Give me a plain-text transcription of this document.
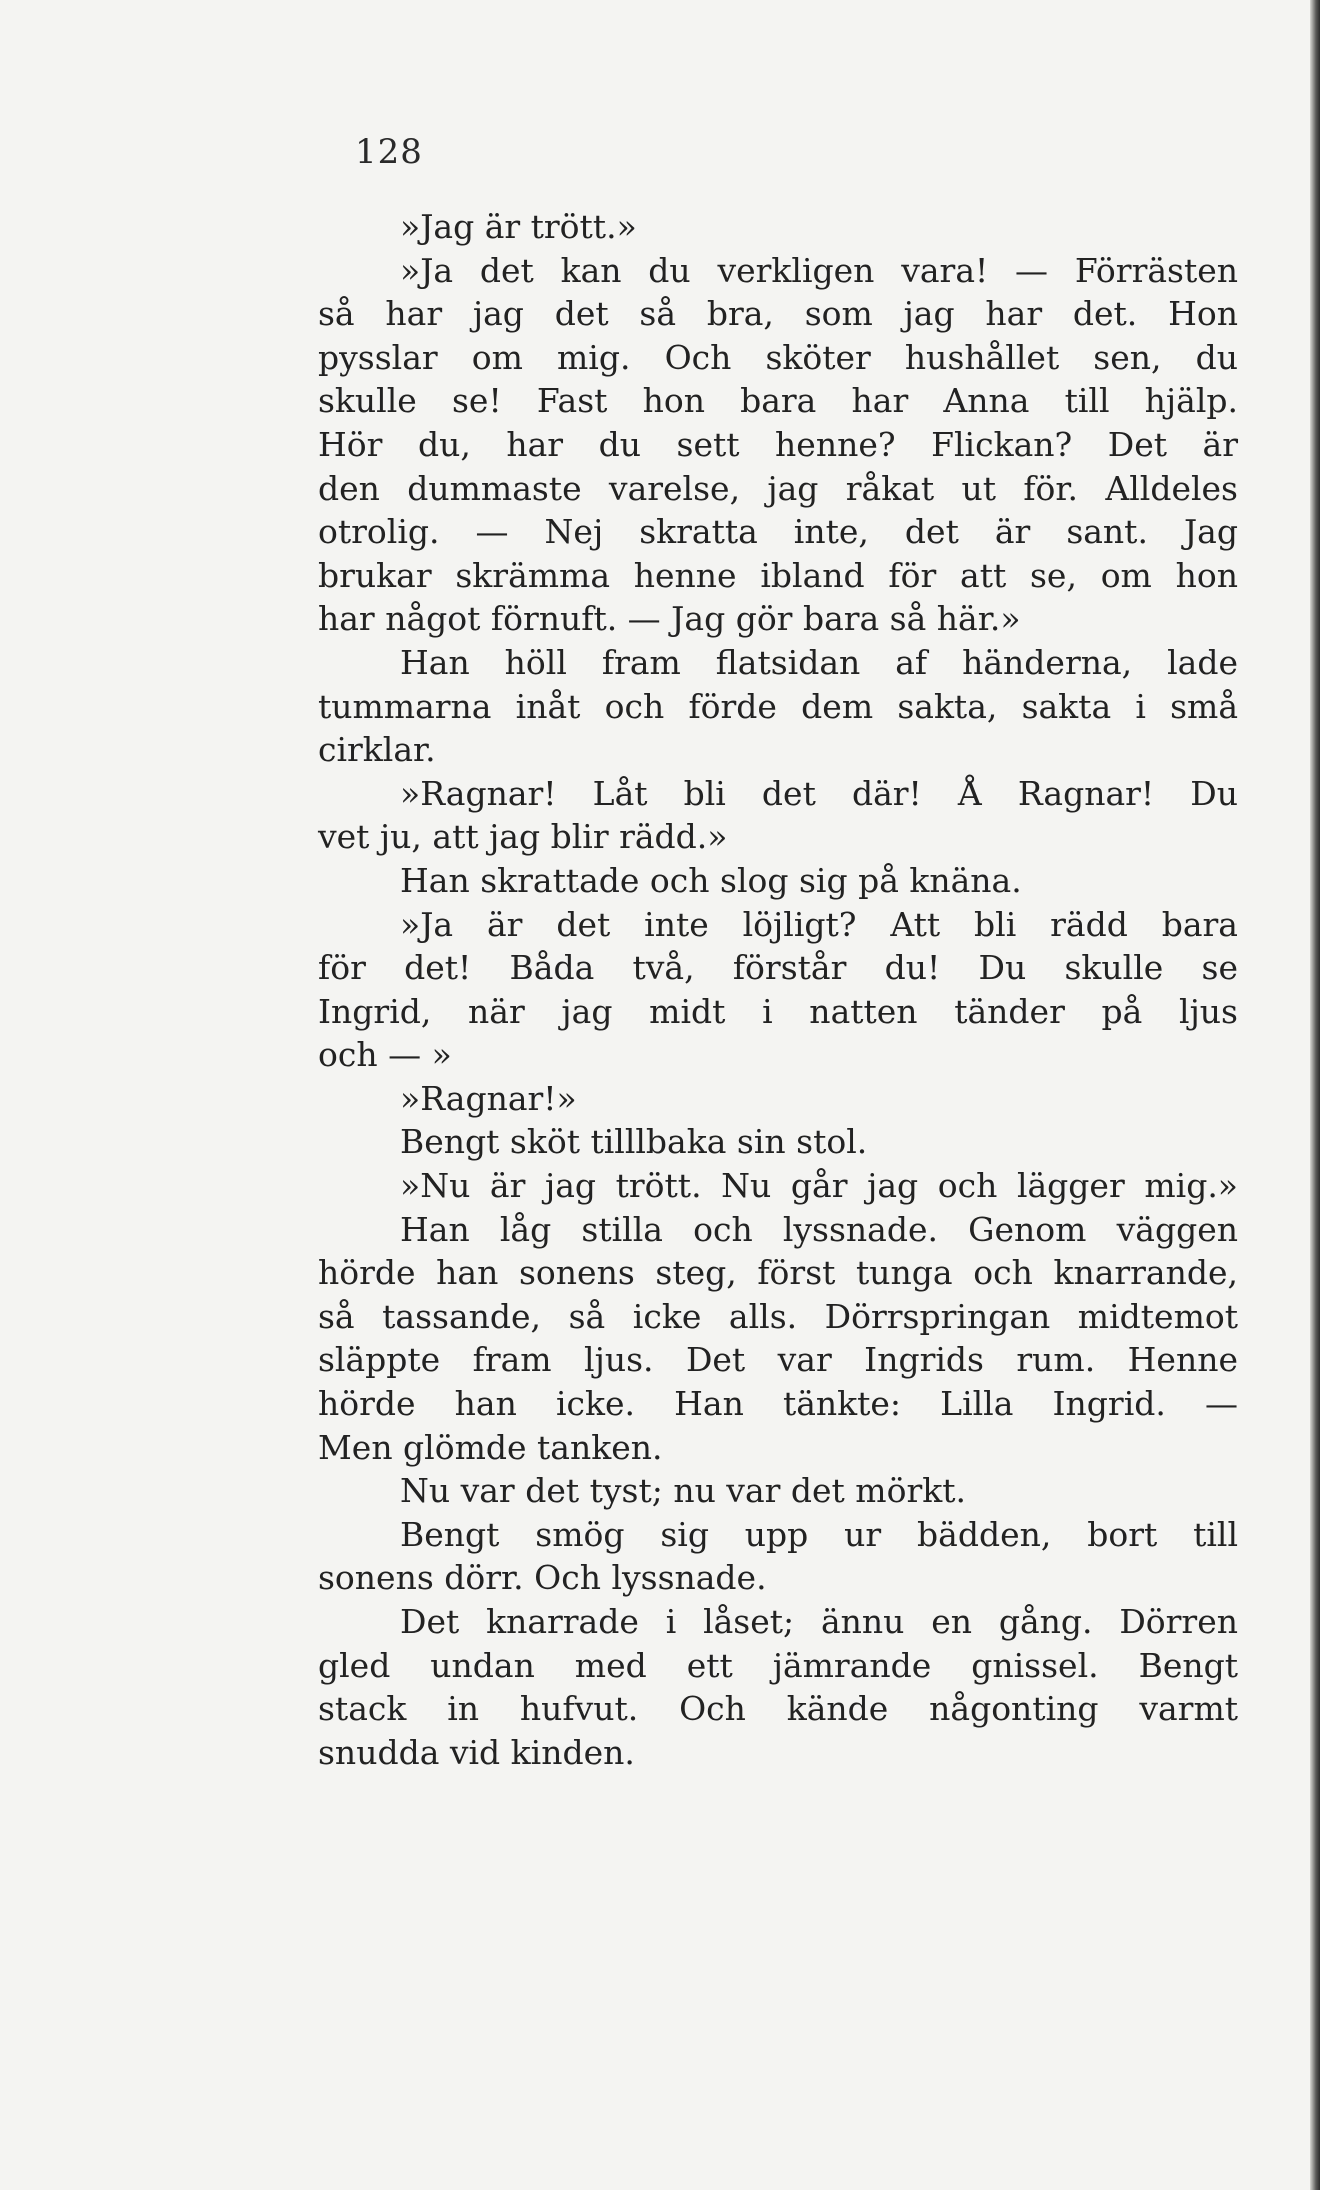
128
»Jag är trött.»
»Ja det kan du verkligen vara! — Förrästen
så har jag det så bra, som jag har det. Hon
pysslar om mig. Och sköter hushållet sen, du
skulle se! Fast hon bara har Anna till hjälp.
Hör du, har du sett henne? Flickan? Det är
den dummaste varelse, jag råkat ut för. Alldeles
otrolig. — Nej skratta inte, det är sant. Jag
brukar skrämma henne ibland för att se, om hon
har något förnuft. — Jag gör bara så här.»
Han höll fram flatsidan af händerna, lade
tummarna inåt och förde dem sakta, sakta i små
cirklar.
»Ragnar! Låt bli det där! Å Ragnar! Du
vet ju, att jag blir rädd.»
Han skrattade och slog sig på knäna.
»Ja är det inte löjligt? Att bli rädd bara
för det! Båda två, förstår du! Du skulle se
Ingrid, när jag midt i natten tänder på ljus
och — »
»Ragnar!»
Bengt sköt tilllbaka sin stol.
»Nu är jag trött. Nu går jag och lägger mig.»
Han låg stilla och lyssnade. Genom väggen
hörde han sonens steg, först tunga och knarrande,
så tassande, så icke alls. Dörrspringan midtemot
släppte fram ljus. Det var Ingrids rum. Henne
hörde han icke. Han tänkte: Lilla Ingrid. —
Men glömde tanken.
Nu var det tyst; nu var det mörkt.
Bengt smög sig upp ur bädden, bort till
sonens dörr. Och lyssnade.
Det knarrade i låset; ännu en gång. Dörren
gled undan med ett jämrande gnissel. Bengt
stack in hufvut. Och kände någonting varmt
snudda vid kinden.
